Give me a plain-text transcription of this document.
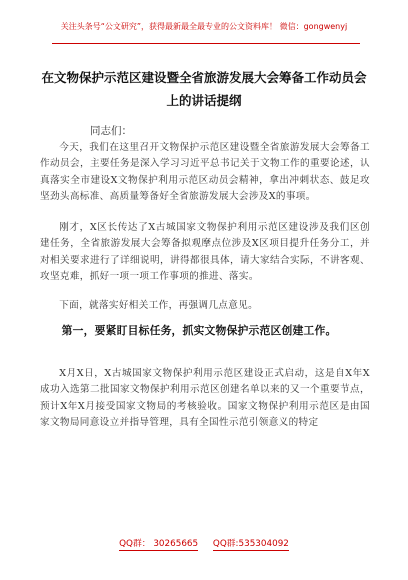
关注头条号“公文研究”，获得最新最全最专业的公文资料库！ 微信：gongwenyj
在文物保护示范区建设暨全省旅游发展大会筹备工作动员会上的讲话提纲
同志们：
今天，我们在这里召开文物保护示范区建设暨全省旅游发展大会筹备工作动员会，主要任务是深入学习习近平总书记关于文物工作的重要论述，认真落实全市建设X文物保护利用示范区动员会精神，拿出冲刺状态、鼓足攻坚劲头高标准、高质量筹备好全省旅游发展大会涉及X的事项。
刚才，X区长传达了X古城国家文物保护利用示范区建设涉及我们区创建任务，全省旅游发展大会筹备拟观摩点位涉及X区项目提升任务分工，并对相关要求进行了详细说明，讲得都很具体，请大家结合实际，不讲客观、攻坚克难，抓好一项一项工作事项的推进、落实。
下面，就落实好相关工作，再强调几点意见。
第一，要紧盯目标任务，抓实文物保护示范区创建工作。
X月X日，X古城国家文物保护利用示范区建设正式启动，这是自X年X成功入选第二批国家文物保护利用示范区创建名单以来的又一个重要节点，预计X年X月接受国家文物局的考核验收。国家文物保护利用示范区是由国家文物局同意设立并指导管理，具有全国性示范引领意义的特定
QQ群： 30265665 QQ群:535304092
